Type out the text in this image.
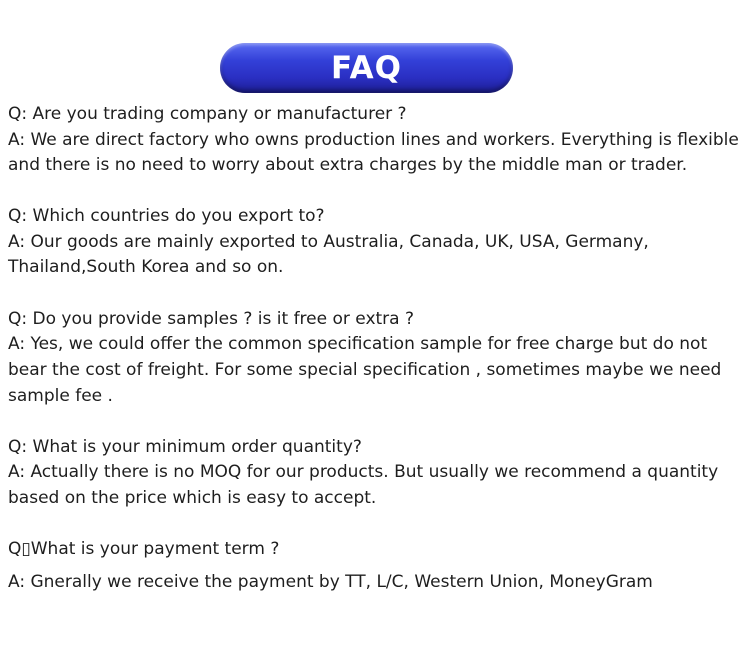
FAQ
Q: Are you trading company or manufacturer ?
A: We are direct factory who owns production lines and workers. Everything is flexible
and there is no need to worry about extra charges by the middle man or trader.
Q: Which countries do you export to?
A: Our goods are mainly exported to Australia, Canada, UK, USA, Germany,
Thailand,South Korea and so on.
Q: Do you provide samples ? is it free or extra ?
A: Yes, we could offer the common specification sample for free charge but do not
bear the cost of freight. For some special specification , sometimes maybe we need
sample fee .
Q: What is your minimum order quantity?
A: Actually there is no MOQ for our products. But usually we recommend a quantity
based on the price which is easy to accept.
Q▯What is your payment term ?
A: Gnerally we receive the payment by TT, L/C, Western Union, MoneyGram
